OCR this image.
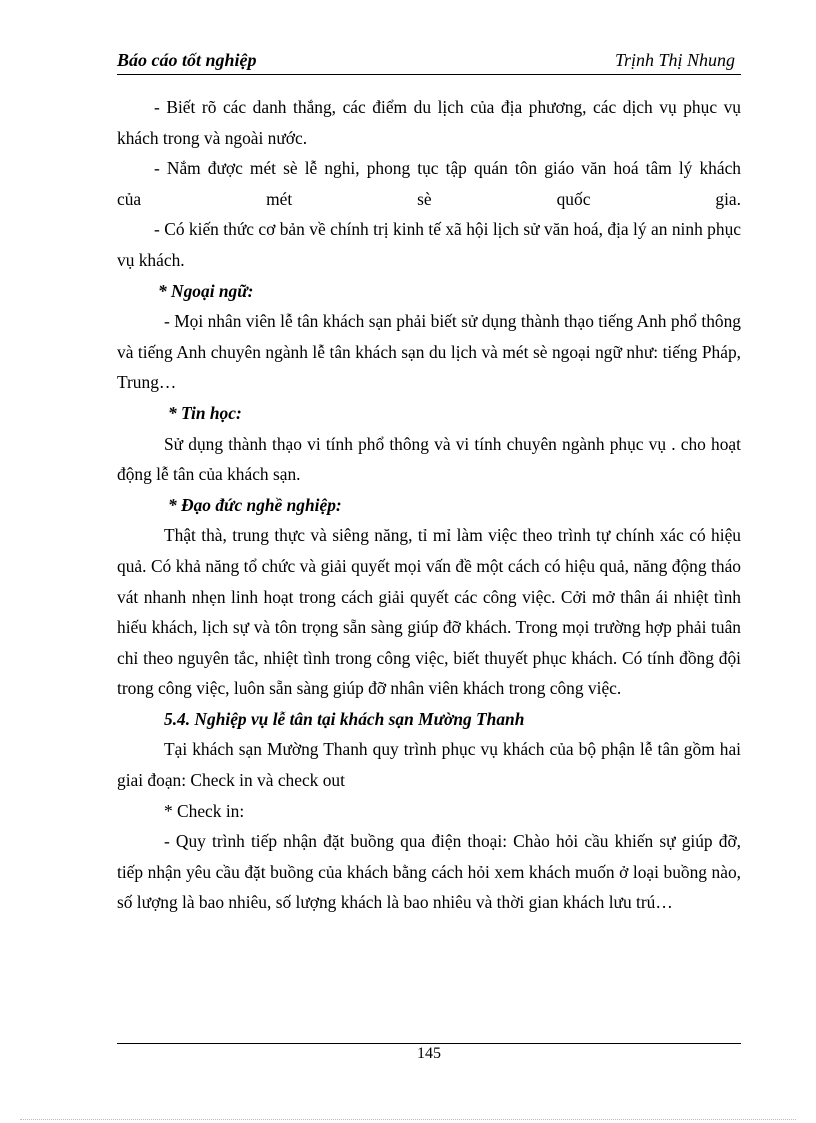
Báo cáo tốt nghiệp	Trịnh Thị Nhung

- Biết rõ các danh thắng, các điểm du lịch của địa phương, các dịch vụ phục vụ khách trong và ngoài nước.

- Nắm được mét sè lễ nghi, phong tục tập quán tôn giáo văn hoá tâm lý khách

của mét sè quốc gia.

- Có kiến thức cơ bản về chính trị kinh tế xã hội lịch sử văn hoá, địa lý an ninh phục vụ khách.

* Ngoại ngữ:

- Mọi nhân viên lễ tân khách sạn phải biết sử dụng thành thạo tiếng Anh phổ thông và tiếng Anh chuyên ngành lễ tân khách sạn du lịch và mét sè ngoại ngữ như: tiếng Pháp, Trung…

* Tin học:

Sử dụng thành thạo vi tính phổ thông và vi tính chuyên ngành phục vụ . cho hoạt động lễ tân của khách sạn.

* Đạo đức nghề nghiệp:

Thật thà, trung thực và siêng năng, tỉ mỉ làm việc theo trình tự chính xác có hiệu quả. Có khả năng tổ chức và giải quyết mọi vấn đề một cách có hiệu quả, năng động tháo vát nhanh nhẹn linh hoạt trong cách giải quyết các công việc. Cởi mở thân ái nhiệt tình hiếu khách, lịch sự và tôn trọng sẵn sàng giúp đỡ khách. Trong mọi trường hợp phải tuân chỉ theo nguyên tắc, nhiệt tình trong công việc, biết thuyết phục khách. Có tính đồng đội trong công việc, luôn sẵn sàng giúp đỡ nhân viên khách trong công việc.

5.4. Nghiệp vụ lễ tân tại khách sạn Mường Thanh

Tại khách sạn Mường Thanh quy trình phục vụ khách của bộ phận lễ tân gồm hai giai đoạn: Check in và check out

* Check in:

- Quy trình tiếp nhận đặt buồng qua điện thoại: Chào hỏi cầu khiến sự giúp đỡ, tiếp nhận yêu cầu đặt buồng của khách bằng cách hỏi xem khách muốn ở loại buồng nào, số lượng là bao nhiêu, số lượng khách là bao nhiêu và thời gian khách lưu trú…

145
